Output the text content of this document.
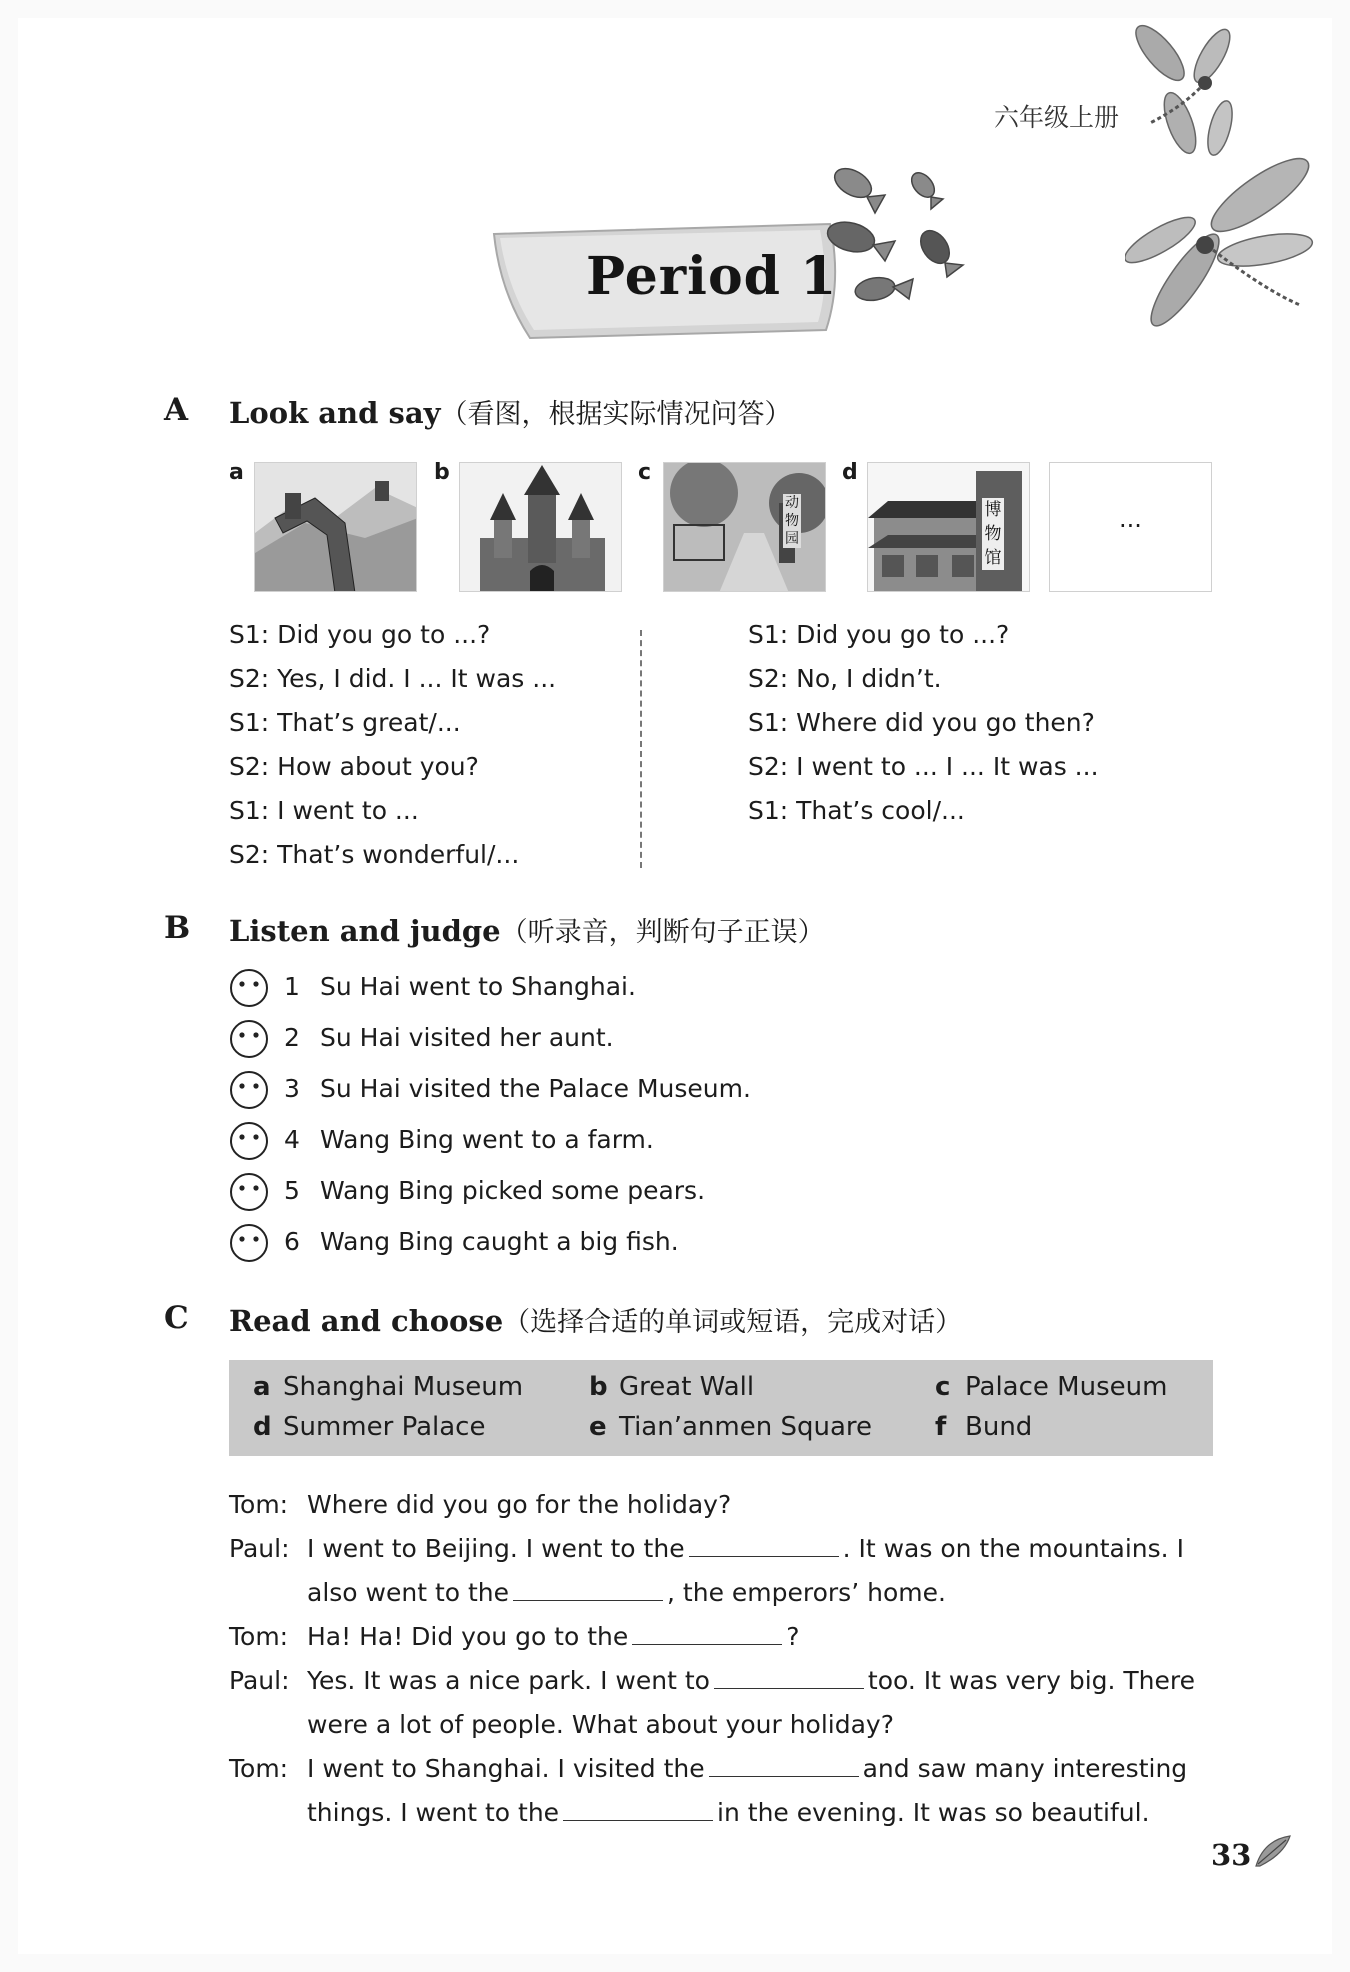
六年级上册
Period 1
A Look and say（看图，根据实际情况问答）
a	b	c
动物园
d
博物馆
...
S1: Did you go to ...?
S2: Yes, I did. I ... It was ...
S1: That’s great/...
S2: How about you?
S1: I went to ...
S2: That’s wonderful/...
S1: Did you go to ...?
S2: No, I didn’t.
S1: Where did you go then?
S2: I went to ... I ... It was ...
S1: That’s cool/...
B Listen and judge（听录音，判断句子正误）
1 Su Hai went to Shanghai.
2 Su Hai visited her aunt.
3 Su Hai visited the Palace Museum.
4 Wang Bing went to a farm.
5 Wang Bing picked some pears.
6 Wang Bing caught a big fish.
C Read and choose（选择合适的单词或短语，完成对话）
a Shanghai Museum	b Great Wall	c Palace Museum
d Summer Palace	e Tian’anmen Square f Bund
Tom: Where did you go for the holiday?
Paul: I went to Beijing. I went to the	. It was on the mountains. I
also went to the	, the emperors’ home.
Tom: Ha! Ha! Did you go to the	?
Paul: Yes. It was a nice park. I went to	too. It was very big. There
were a lot of people. What about your holiday?
Tom: I went to Shanghai. I visited the	and saw many interesting
things. I went to the	in the evening. It was so beautiful.
33
